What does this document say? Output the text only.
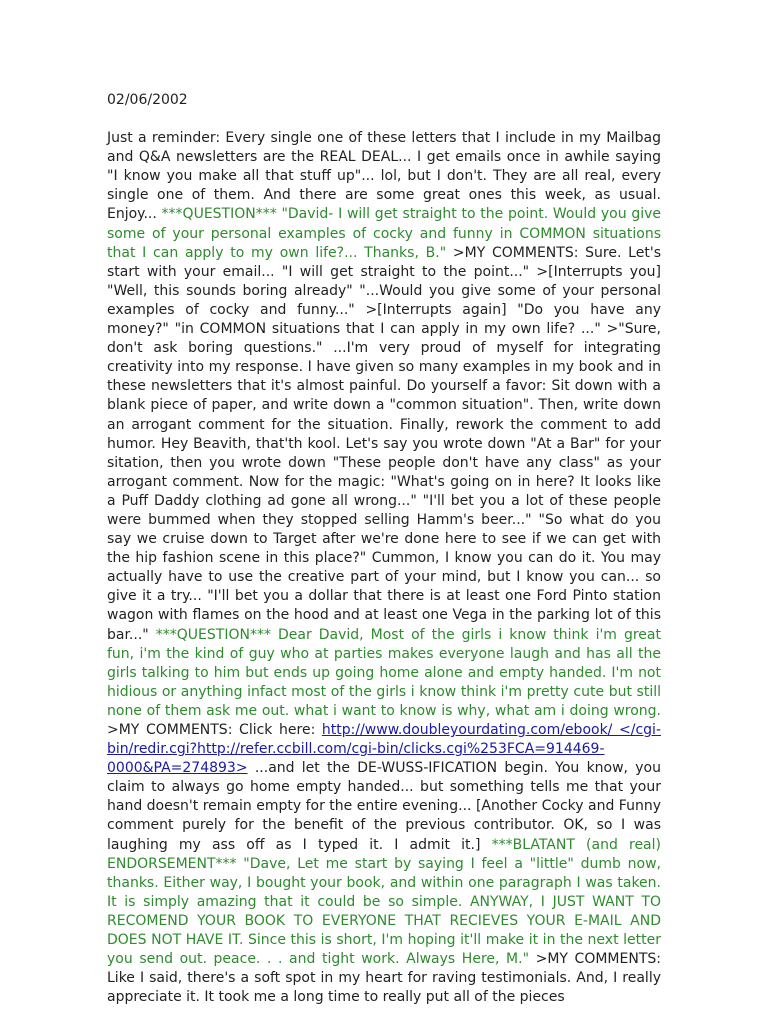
02/06/2002

Just a reminder: Every single one of these letters that I include in my Mailbag and Q&A newsletters are the REAL DEAL... I get emails once in awhile saying "I know you make all that stuff up"... lol, but I don't. They are all real, every single one of them. And there are some great ones this week, as usual. Enjoy... ***QUESTION*** "David- I will get straight to the point. Would you give some of your personal examples of cocky and funny in COMMON situations that I can apply to my own life?... Thanks, B." >MY COMMENTS: Sure. Let's start with your email... "I will get straight to the point..." >[Interrupts you] "Well, this sounds boring already" "...Would you give some of your personal examples of cocky and funny..." >[Interrupts again] "Do you have any money?" "in COMMON situations that I can apply in my own life? ..." >"Sure, don't ask boring questions." ...I'm very proud of myself for integrating creativity into my response. I have given so many examples in my book and in these newsletters that it's almost painful. Do yourself a favor: Sit down with a blank piece of paper, and write down a "common situation". Then, write down an arrogant comment for the situation. Finally, rework the comment to add humor. Hey Beavith, that'th kool. Let's say you wrote down "At a Bar" for your sitation, then you wrote down "These people don't have any class" as your arrogant comment. Now for the magic: "What's going on in here? It looks like a Puff Daddy clothing ad gone all wrong..." "I'll bet you a lot of these people were bummed when they stopped selling Hamm's beer..." "So what do you say we cruise down to Target after we're done here to see if we can get with the hip fashion scene in this place?" Cummon, I know you can do it. You may actually have to use the creative part of your mind, but I know you can... so give it a try... "I'll bet you a dollar that there is at least one Ford Pinto station wagon with flames on the hood and at least one Vega in the parking lot of this bar..." ***QUESTION*** Dear David, Most of the girls i know think i'm great fun, i'm the kind of guy who at parties makes everyone laugh and has all the girls talking to him but ends up going home alone and empty handed. I'm not hidious or anything infact most of the girls i know think i'm pretty cute but still none of them ask me out. what i want to know is why, what am i doing wrong. >MY COMMENTS: Click here: http://www.doubleyourdating.com/ebook/ </cgi-bin/redir.cgi?http://refer.ccbill.com/cgi-bin/clicks.cgi%253FCA=914469-0000&PA=274893> ...and let the DE-WUSS-IFICATION begin. You know, you claim to always go home empty handed... but something tells me that your hand doesn't remain empty for the entire evening... [Another Cocky and Funny comment purely for the benefit of the previous contributor. OK, so I was laughing my ass off as I typed it. I admit it.] ***BLATANT (and real) ENDORSEMENT*** "Dave, Let me start by saying I feel a "little" dumb now, thanks. Either way, I bought your book, and within one paragraph I was taken. It is simply amazing that it could be so simple. ANYWAY, I JUST WANT TO RECOMEND YOUR BOOK TO EVERYONE THAT RECIEVES YOUR E-MAIL AND DOES NOT HAVE IT. Since this is short, I'm hoping it'll make it in the next letter you send out. peace. . . and tight work. Always Here, M." >MY COMMENTS: Like I said, there's a soft spot in my heart for raving testimonials. And, I really appreciate it. It took me a long time to really put all of the pieces
